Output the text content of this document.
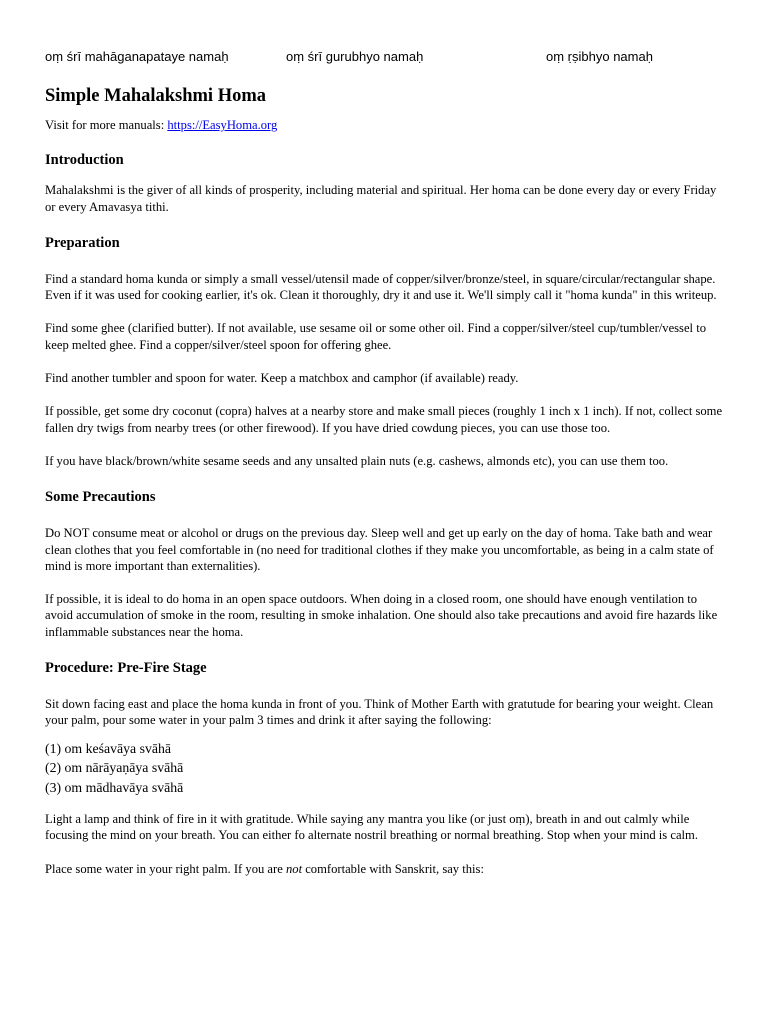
oṃ śrī mahāganapataye namaḥ	oṃ śrī gurubhyo namaḥ	oṃ ṛṣibhyo namaḥ
Simple Mahalakshmi Homa

Visit for more manuals: https://EasyHoma.org

Introduction

Mahalakshmi is the giver of all kinds of prosperity, including material and spiritual. Her homa can be done every day or every Friday or every Amavasya tithi.

Preparation

Find a standard homa kunda or simply a small vessel/utensil made of copper/silver/bronze/steel, in square/circular/rectangular shape. Even if it was used for cooking earlier, it's ok. Clean it thoroughly, dry it and use it. We'll simply call it "homa kunda" in this writeup.

Find some ghee (clarified butter). If not available, use sesame oil or some other oil. Find a copper/silver/steel cup/tumbler/vessel to keep melted ghee. Find a copper/silver/steel spoon for offering ghee.

Find another tumbler and spoon for water. Keep a matchbox and camphor (if available) ready.

If possible, get some dry coconut (copra) halves at a nearby store and make small pieces (roughly 1 inch x 1 inch). If not, collect some fallen dry twigs from nearby trees (or other firewood). If you have dried cowdung pieces, you can use those too.

If you have black/brown/white sesame seeds and any unsalted plain nuts (e.g. cashews, almonds etc), you can use them too.

Some Precautions

Do NOT consume meat or alcohol or drugs on the previous day. Sleep well and get up early on the day of homa. Take bath and wear clean clothes that you feel comfortable in (no need for traditional clothes if they make you uncomfortable, as being in a calm state of mind is more important than externalities).

If possible, it is ideal to do homa in an open space outdoors. When doing in a closed room, one should have enough ventilation to avoid accumulation of smoke in the room, resulting in smoke inhalation. One should also take precautions and avoid fire hazards like inflammable substances near the homa.

Procedure: Pre-Fire Stage

Sit down facing east and place the homa kunda in front of you. Think of Mother Earth with gratutude for bearing your weight. Clean your palm, pour some water in your palm 3 times and drink it after saying the following:

(1) om keśavāya svāhā
(2) om nārāyaṇāya svāhā
(3) om mādhavāya svāhā

Light a lamp and think of fire in it with gratitude. While saying any mantra you like (or just oṃ), breath in and out calmly while focusing the mind on your breath. You can either fo alternate nostril breathing or normal breathing. Stop when your mind is calm.

Place some water in your right palm. If you are not comfortable with Sanskrit, say this:
